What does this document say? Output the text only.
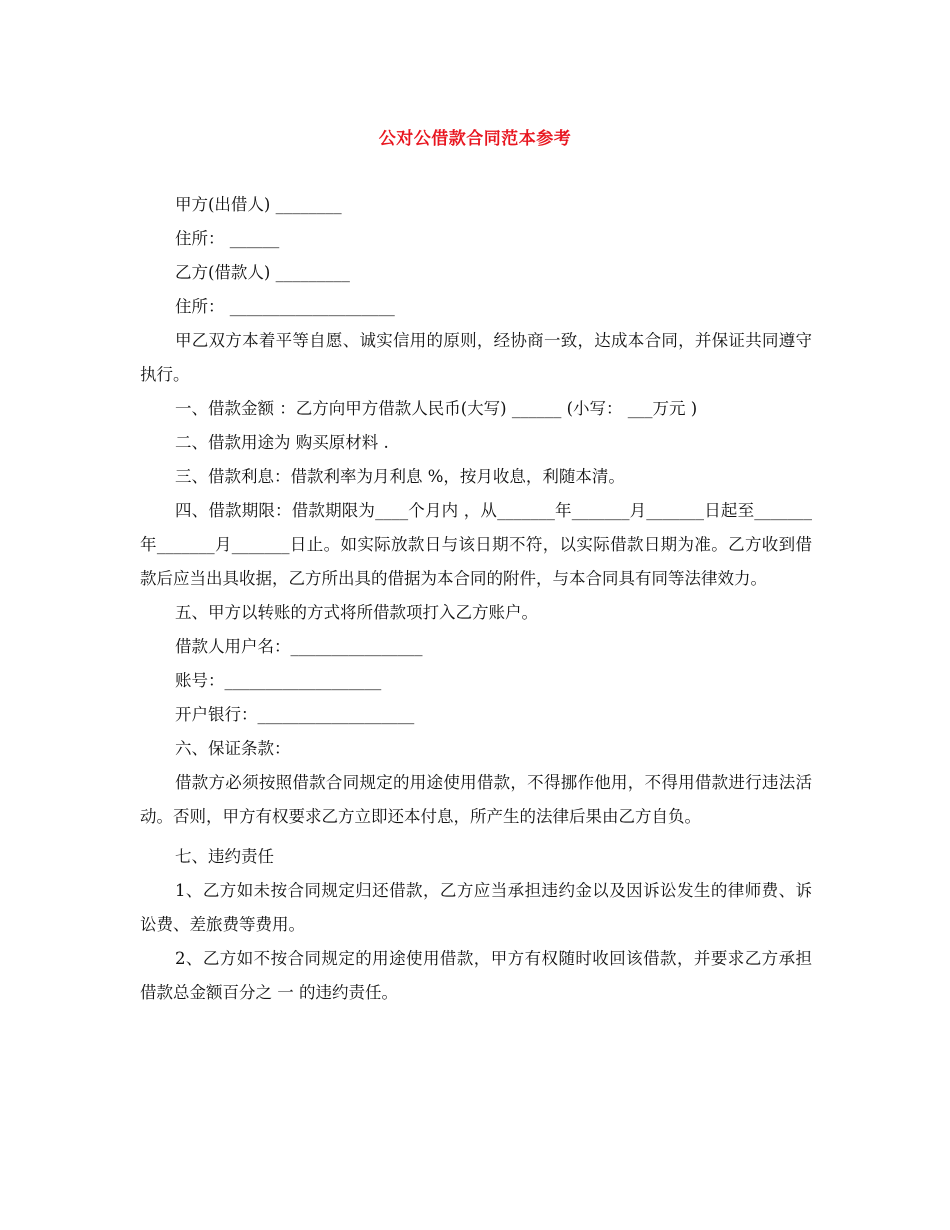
公对公借款合同范本参考
甲方(出借人) ________
住所： ______
乙方(借款人) _________
住所： ____________________

甲乙双方本着平等自愿、诚实信用的原则，经协商一致，达成本合同，并保证共同遵守执行。

一、借款金额 ：乙方向甲方借款人民币(大写) ______ (小写： ___万元 )
二、借款用途为 购买原材料 .
三、借款利息：借款利率为月利息 %，按月收息，利随本清。

四、借款期限：借款期限为____个月内 ，从_______年_______月_______日起至_______年_______月_______日止。如实际放款日与该日期不符，以实际借款日期为准。乙方收到借款后应当出具收据，乙方所出具的借据为本合同的附件，与本合同具有同等法律效力。

五、甲方以转账的方式将所借款项打入乙方账户。
借款人用户名：________________
账号：___________________
开户银行：___________________
六、保证条款：

借款方必须按照借款合同规定的用途使用借款，不得挪作他用，不得用借款进行违法活动。否则，甲方有权要求乙方立即还本付息，所产生的法律后果由乙方自负。

七、违约责任

1、乙方如未按合同规定归还借款，乙方应当承担违约金以及因诉讼发生的律师费、诉讼费、差旅费等费用。

2、乙方如不按合同规定的用途使用借款，甲方有权随时收回该借款，并要求乙方承担借款总金额百分之 一 的违约责任。
